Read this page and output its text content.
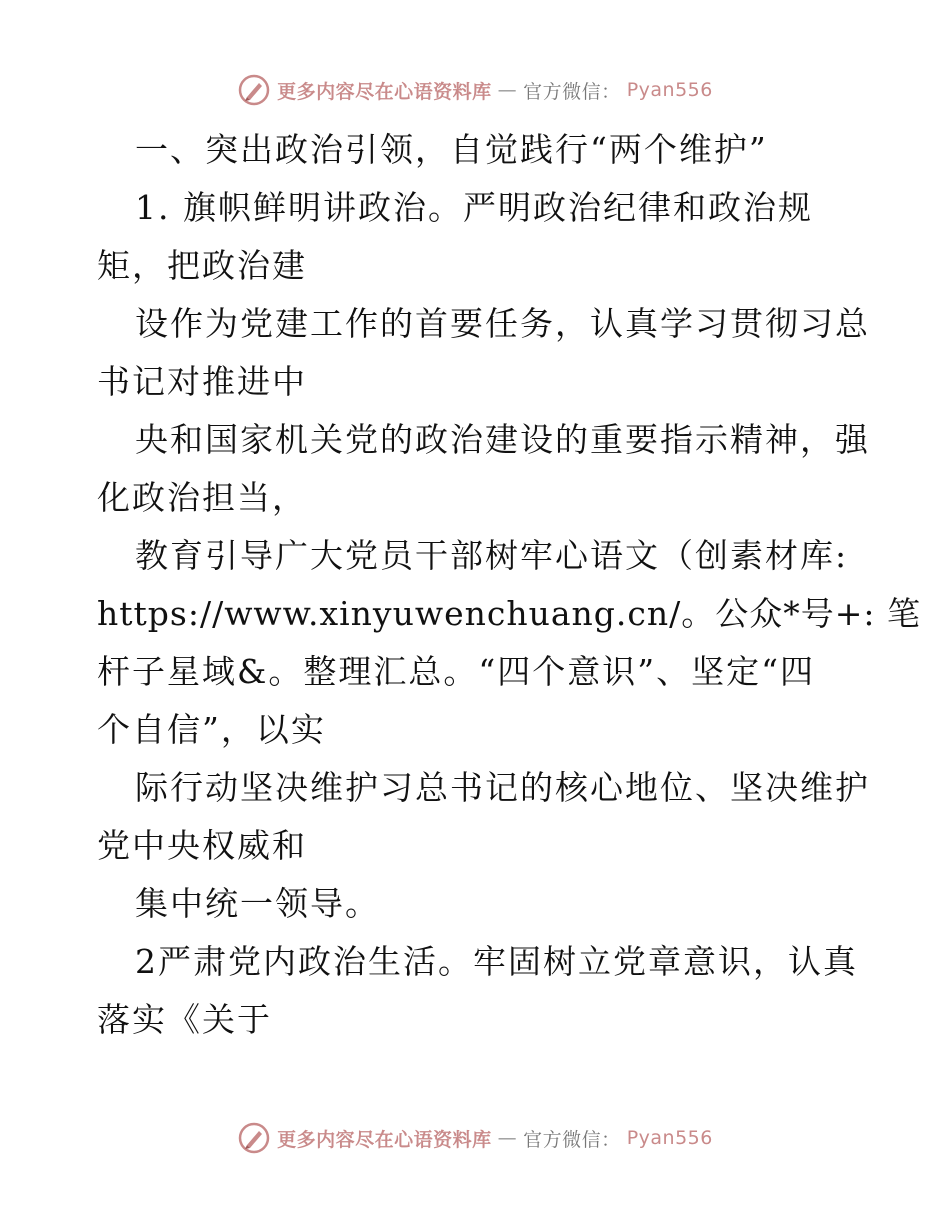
更多内容尽在心语资料库 — 官方微信： Pyan556
一、突出政治引领，自觉践行“两个维护”
1. 旗帜鲜明讲政治。严明政治纪律和政治规
矩，把政治建
设作为党建工作的首要任务，认真学习贯彻习总
书记对推进中
央和国家机关党的政治建设的重要指示精神，强
化政治担当，
教育引导广大党员干部树牢心语文（创素材库:
https://www.xinyuwenchuang.cn/。公众*号+: 笔
杆子星域&。整理汇总。“四个意识”、坚定“四
个自信”，以实
际行动坚决维护习总书记的核心地位、坚决维护
党中央权威和
集中统一领导。
2严肃党内政治生活。牢固树立党章意识，认真
落实《关于
更多内容尽在心语资料库 — 官方微信： Pyan556
